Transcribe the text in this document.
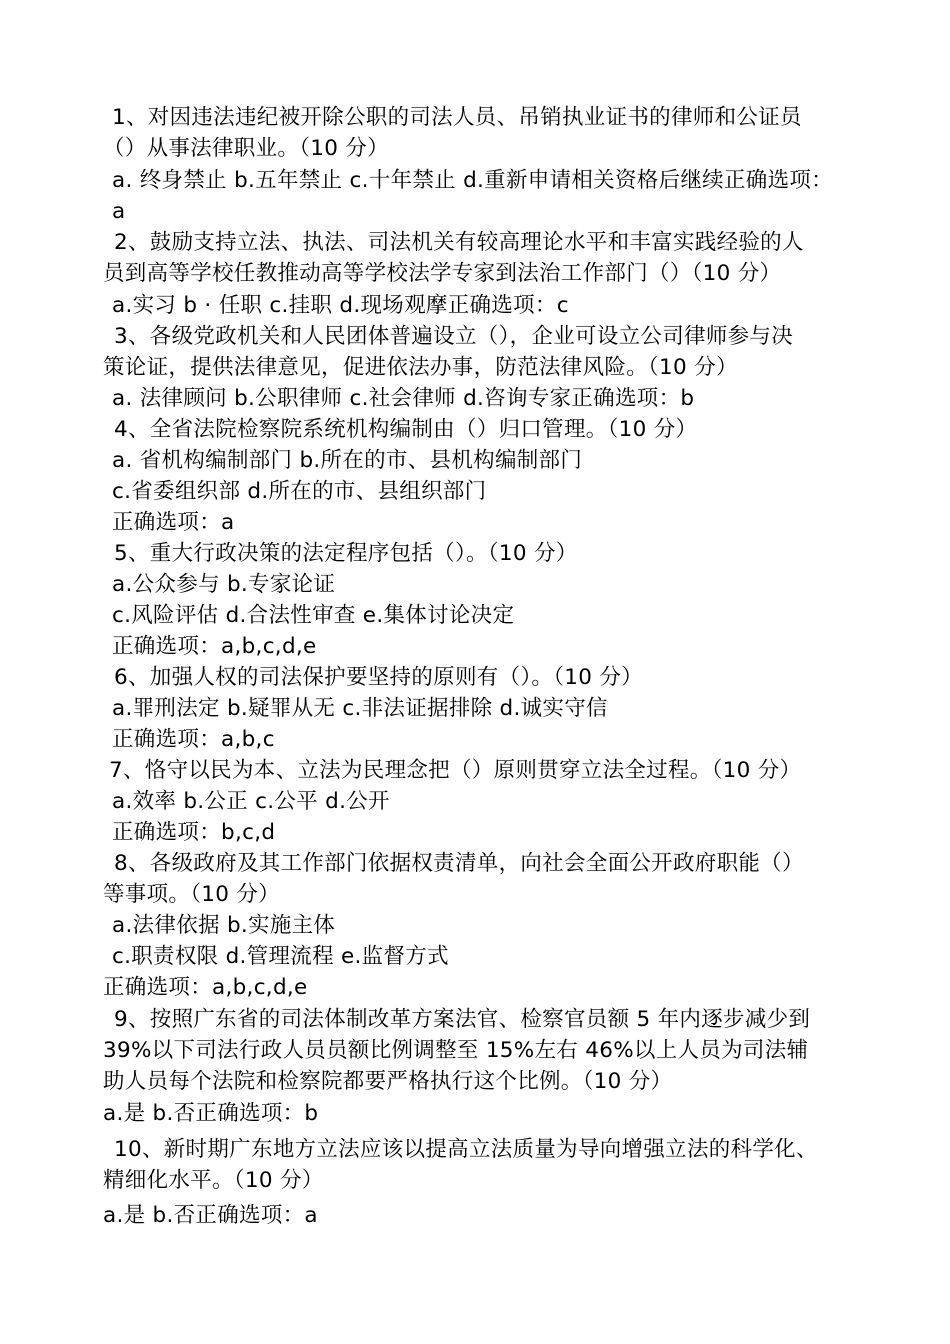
1、对因违法违纪被开除公职的司法人员、吊销执业证书的律师和公证员
（）从事法律职业。（10 分）
a. 终身禁止 b.五年禁止 c.十年禁止 d.重新申请相关资格后继续正确选项：
a
2、鼓励支持立法、执法、司法机关有较高理论水平和丰富实践经验的人
员到高等学校任教推动高等学校法学专家到法治工作部门（）（10 分）
a.实习 b · 任职 c.挂职 d.现场观摩正确选项：c
3、各级党政机关和人民团体普遍设立（），企业可设立公司律师参与决
策论证，提供法律意见，促进依法办事，防范法律风险。（10 分）
a. 法律顾问 b.公职律师 c.社会律师 d.咨询专家正确选项：b
4、全省法院检察院系统机构编制由（）归口管理。（10 分）
a. 省机构编制部门 b.所在的市、县机构编制部门
c.省委组织部 d.所在的市、县组织部门
正确选项：a
5、重大行政决策的法定程序包括（）。（10 分）
a.公众参与 b.专家论证
c.风险评估 d.合法性审查 e.集体讨论决定
正确选项：a,b,c,d,e
6、加强人权的司法保护要坚持的原则有（）。（10 分）
a.罪刑法定 b.疑罪从无 c.非法证据排除 d.诚实守信
正确选项：a,b,c
7、恪守以民为本、立法为民理念把（）原则贯穿立法全过程。（10 分）
a.效率 b.公正 c.公平 d.公开
正确选项：b,c,d
8、各级政府及其工作部门依据权责清单，向社会全面公开政府职能（）
等事项。（10 分）
a.法律依据 b.实施主体
c.职责权限 d.管理流程 e.监督方式
正确选项：a,b,c,d,e
9、按照广东省的司法体制改革方案法官、检察官员额 5 年内逐步减少到
39%以下司法行政人员员额比例调整至 15%左右 46%以上人员为司法辅
助人员每个法院和检察院都要严格执行这个比例。（10 分）
a.是 b.否正确选项：b
10、新时期广东地方立法应该以提高立法质量为导向增强立法的科学化、
精细化水平。（10 分）
a.是 b.否正确选项：a
